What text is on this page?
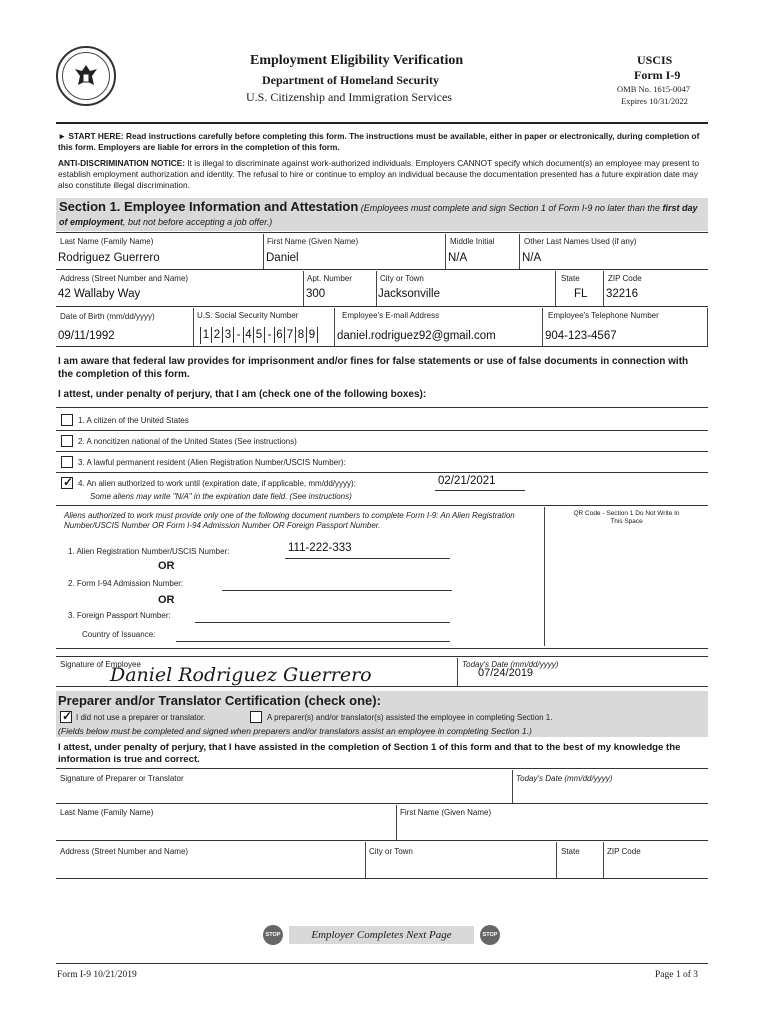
Employment Eligibility Verification
Department of Homeland Security
U.S. Citizenship and Immigration Services
USCIS
Form I-9
OMB No. 1615-0047
Expires 10/31/2022
► START HERE: Read instructions carefully before completing this form. The instructions must be available, either in paper or electronically, during completion of this form. Employers are liable for errors in the completion of this form.
ANTI-DISCRIMINATION NOTICE: It is illegal to discriminate against work-authorized individuals. Employers CANNOT specify which document(s) an employee may present to establish employment authorization and identity. The refusal to hire or continue to employ an individual because the documentation presented has a future expiration date may also constitute illegal discrimination.
Section 1. Employee Information and Attestation (Employees must complete and sign Section 1 of Form I-9 no later than the first day of employment, but not before accepting a job offer.)
Last Name (Family Name)	First Name (Given Name)	Middle Initial	Other Last Names Used (if any)
Rodriguez Guerrero	Daniel	N/A	N/A
Address (Street Number and Name)	Apt. Number	City or Town	State	ZIP Code
42 Wallaby Way	300	Jacksonville	FL 32216
Date of Birth (mm/dd/yyyy)	U.S. Social Security Number	Employee's E-mail Address	Employee's Telephone Number
09/11/1992	1 2 3 - 4 5 - 6 7 8 9 daniel.rodriguez92@gmail.com	904-123-4567
I am aware that federal law provides for imprisonment and/or fines for false statements or use of false documents in connection with the completion of this form.
I attest, under penalty of perjury, that I am (check one of the following boxes):
1. A citizen of the United States
2. A noncitizen national of the United States (See instructions)
3. A lawful permanent resident (Alien Registration Number/USCIS Number):
✓
4. An alien authorized to work until (expiration date, if applicable, mm/dd/yyyy):	02/21/2021
Some aliens may write "N/A" in the expiration date field. (See instructions)
Aliens authorized to work must provide only one of the following document numbers to complete Form I-9: An Alien Registration Number/USCIS Number OR Form I-94 Admission Number OR Foreign Passport Number.
1. Alien Registration Number/USCIS Number:	111-222-333
OR
2. Form I-94 Admission Number:
OR
3. Foreign Passport Number:
Country of Issuance:
QR Code - Section 1 Do Not Write In This Space
Signature of Employee
Daniel Rodriguez Guerrero	Today's Date (mm/dd/yyyy)
07/24/2019
Preparer and/or Translator Certification (check one):
✓
I did not use a preparer or translator.	A preparer(s) and/or translator(s) assisted the employee in completing Section 1.
(Fields below must be completed and signed when preparers and/or translators assist an employee in completing Section 1.)
I attest, under penalty of perjury, that I have assisted in the completion of Section 1 of this form and that to the best of my knowledge the information is true and correct.
Signature of Preparer or Translator	Today's Date (mm/dd/yyyy)
Last Name (Family Name)	First Name (Given Name)
Address (Street Number and Name)	City or Town	State	ZIP Code
STOP	Employer Completes Next Page	STOP
Form I-9 10/21/2019	Page 1 of 3
